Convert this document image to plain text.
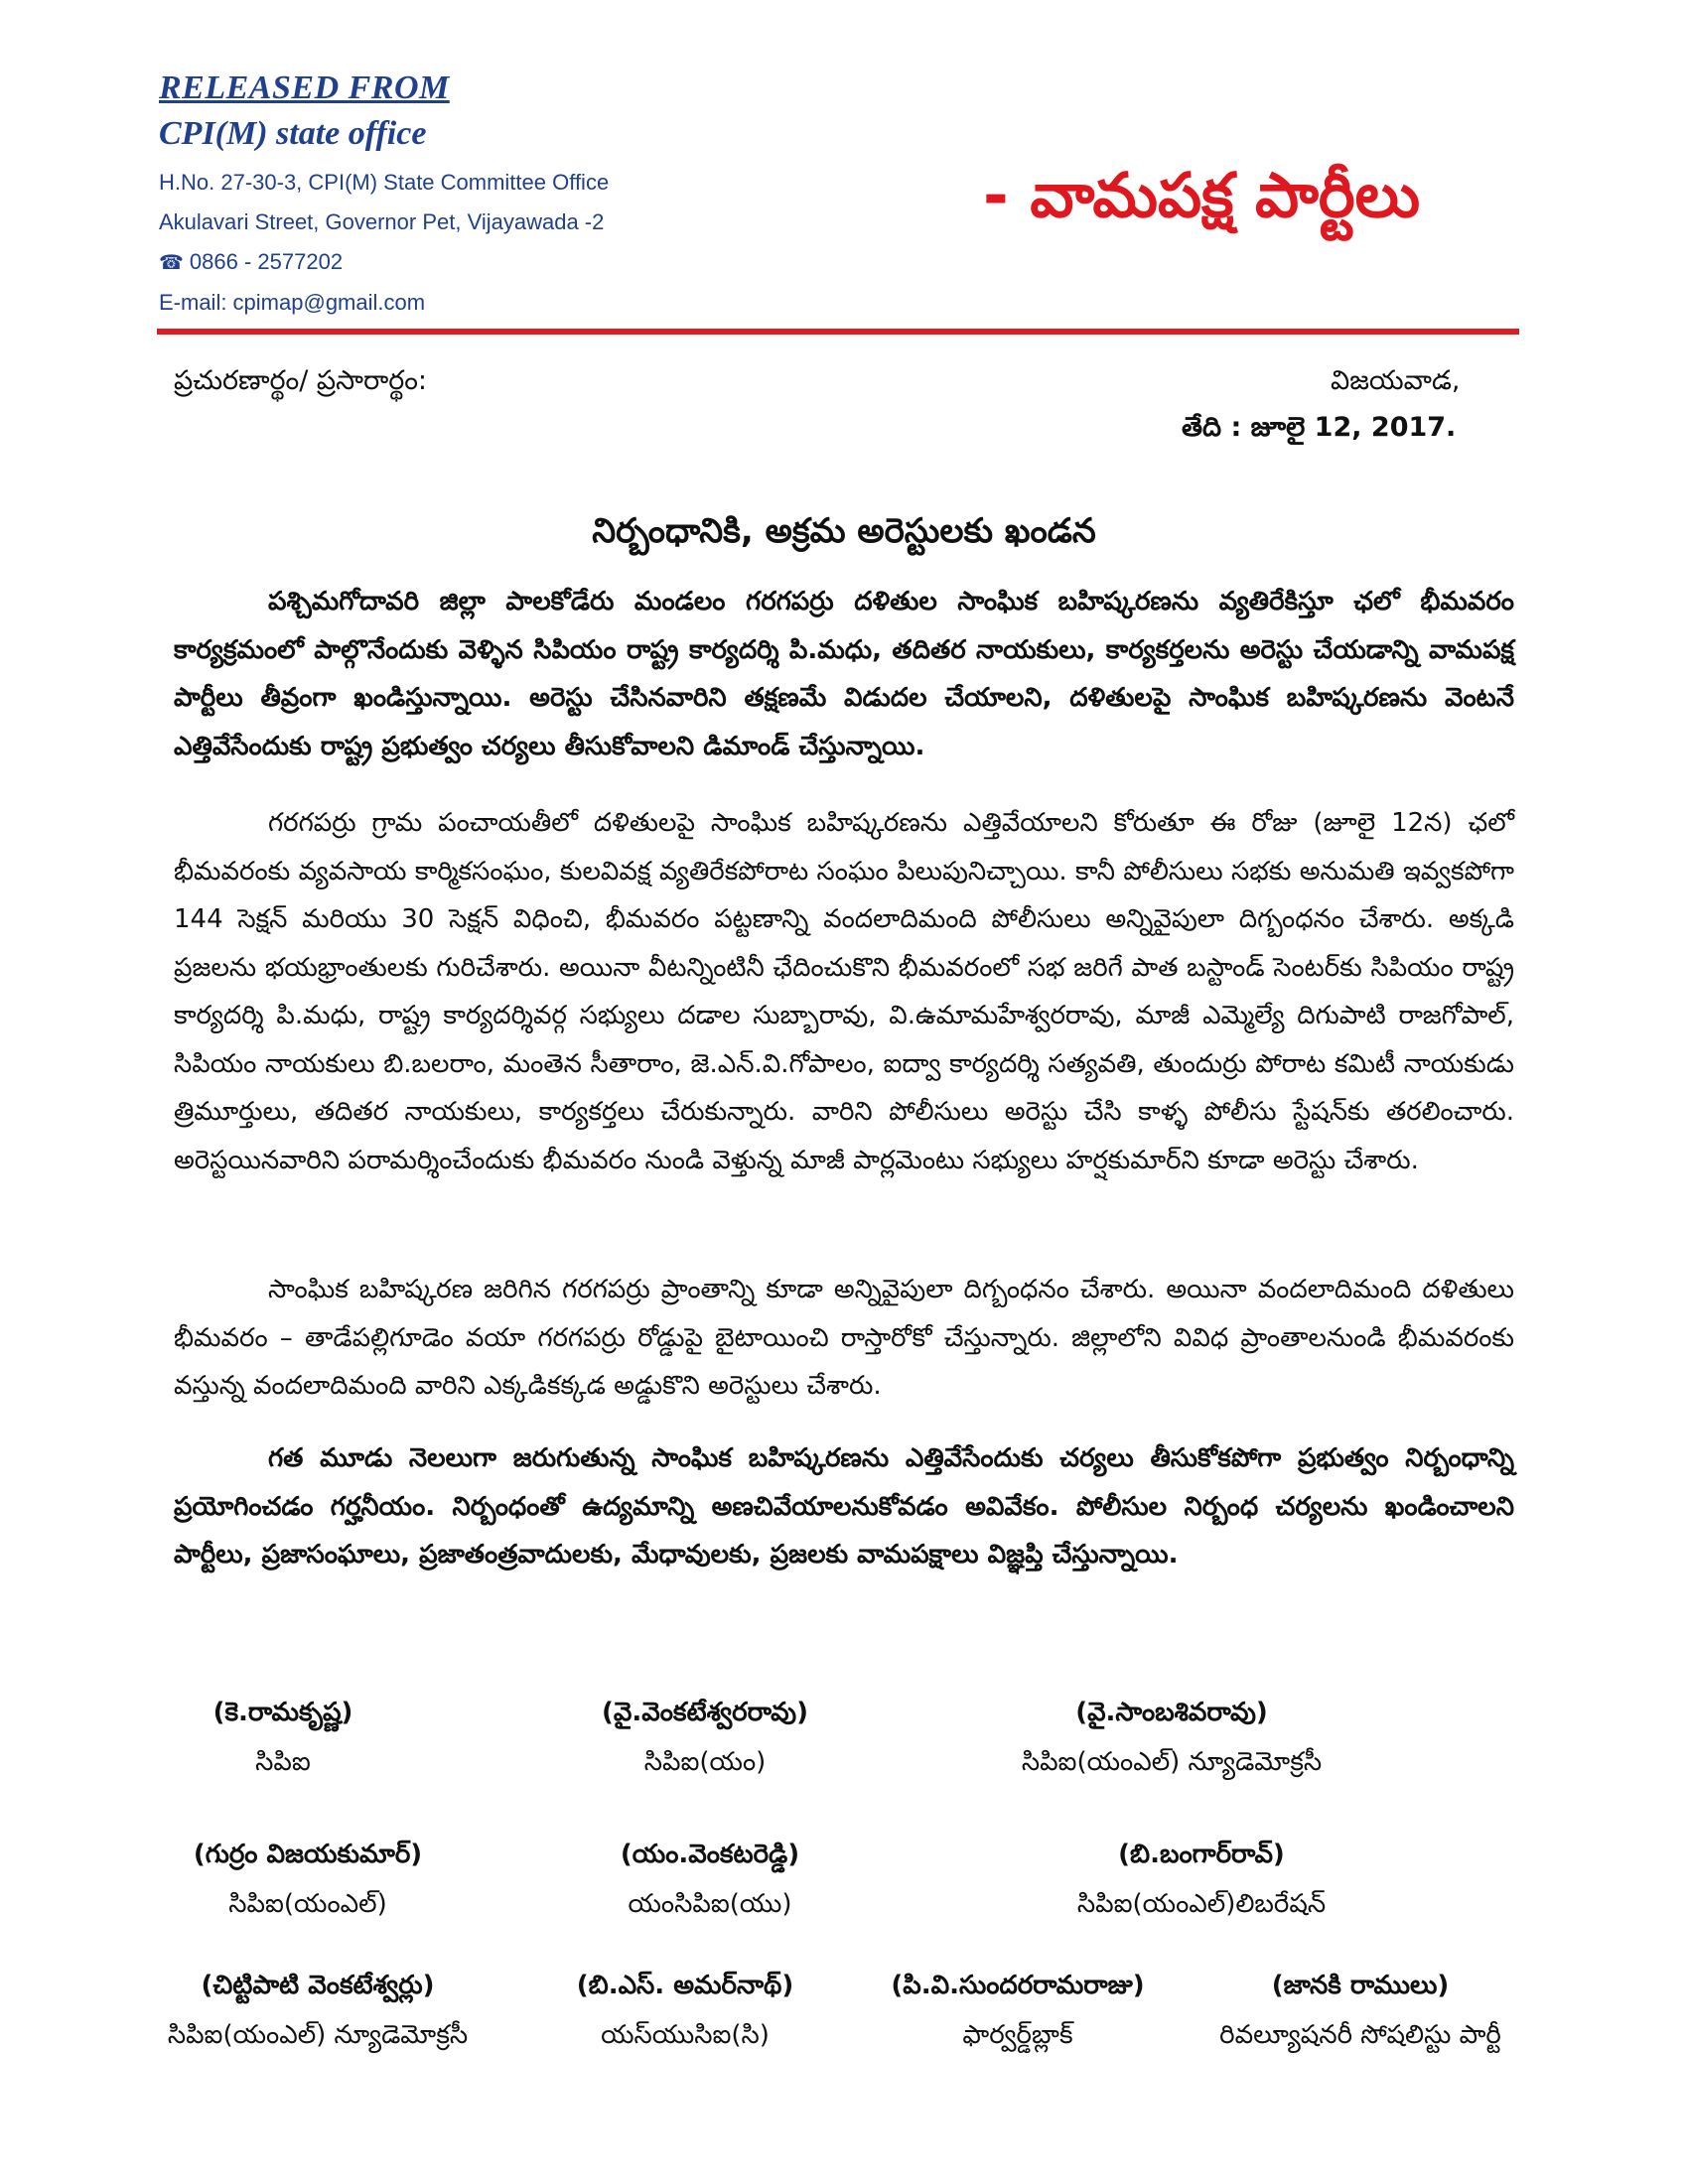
RELEASED FROM
CPI(M) state office
H.No. 27-30-3, CPI(M) State Committee Office
Akulavari Street, Governor Pet, Vijayawada -2
☎ 0866 - 2577202
E-mail: cpimap@gmail.com
- వామపక్ష పార్టీలు
ప్రచురణార్థం/ ప్రసారార్థం:	విజయవాడ,
తేది : జూలై 12, 2017.
నిర్బంధానికి, అక్రమ అరెస్టులకు ఖండన
పశ్చిమగోదావరి జిల్లా పాలకోడేరు మండలం గరగపర్రు దళితుల సాంఘిక బహిష్కరణను వ్యతిరేకిస్తూ ఛలో భీమవరం కార్యక్రమంలో పాల్గొనేందుకు వెళ్ళిన సిపియం రాష్ట్ర కార్యదర్శి పి.మధు, తదితర నాయకులు, కార్యకర్తలను అరెస్టు చేయడాన్ని వామపక్ష పార్టీలు తీవ్రంగా ఖండిస్తున్నాయి. అరెస్టు చేసినవారిని తక్షణమే విడుదల చేయాలని, దళితులపై సాంఘిక బహిష్కరణను వెంటనే ఎత్తివేసేందుకు రాష్ట్ర ప్రభుత్వం చర్యలు తీసుకోవాలని డిమాండ్ చేస్తున్నాయి.
గరగపర్రు గ్రామ పంచాయతీలో దళితులపై సాంఘిక బహిష్కరణను ఎత్తివేయాలని కోరుతూ ఈ రోజు (జూలై 12న) ఛలో భీమవరంకు వ్యవసాయ కార్మికసంఘం, కులవివక్ష వ్యతిరేకపోరాట సంఘం పిలుపునిచ్చాయి. కానీ పోలీసులు సభకు అనుమతి ఇవ్వకపోగా 144 సెక్షన్ మరియు 30 సెక్షన్ విధించి, భీమవరం పట్టణాన్ని వందలాదిమంది పోలీసులు అన్నివైపులా దిగ్బంధనం చేశారు. అక్కడి ప్రజలను భయభ్రాంతులకు గురిచేశారు. అయినా వీటన్నింటినీ ఛేదించుకొని భీమవరంలో సభ జరిగే పాత బస్టాండ్ సెంటర్‌కు సిపియం రాష్ట్ర కార్యదర్శి పి.మధు, రాష్ట్ర కార్యదర్శివర్గ సభ్యులు దడాల సుబ్బారావు, వి.ఉమామహేశ్వరరావు, మాజీ ఎమ్మెల్యే దిగుపాటి రాజగోపాల్, సిపియం నాయకులు బి.బలరాం, మంతెన సీతారాం, జె.ఎన్.వి.గోపాలం, ఐద్వా కార్యదర్శి సత్యవతి, తుందుర్రు పోరాట కమిటీ నాయకుడు త్రిమూర్తులు, తదితర నాయకులు, కార్యకర్తలు చేరుకున్నారు. వారిని పోలీసులు అరెస్టు చేసి కాళ్ళ పోలీసు స్టేషన్‌కు తరలించారు. అరెస్టయినవారిని పరామర్శించేందుకు భీమవరం నుండి వెళ్తున్న మాజీ పార్లమెంటు సభ్యులు హర్షకుమార్‌ని కూడా అరెస్టు చేశారు.
సాంఘిక బహిష్కరణ జరిగిన గరగపర్రు ప్రాంతాన్ని కూడా అన్నివైపులా దిగ్బంధనం చేశారు. అయినా వందలాదిమంది దళితులు భీమవరం – తాడేపల్లిగూడెం వయా గరగపర్రు రోడ్డుపై బైటాయించి రాస్తారోకో చేస్తున్నారు. జిల్లాలోని వివిధ ప్రాంతాలనుండి భీమవరంకు వస్తున్న వందలాదిమంది వారిని ఎక్కడికక్కడ అడ్డుకొని అరెస్టులు చేశారు.
గత మూడు నెలలుగా జరుగుతున్న సాంఘిక బహిష్కరణను ఎత్తివేసేందుకు చర్యలు తీసుకోకపోగా ప్రభుత్వం నిర్బంధాన్ని ప్రయోగించడం గర్హనీయం. నిర్బంధంతో ఉద్యమాన్ని అణచివేయాలనుకోవడం అవివేకం. పోలీసుల నిర్బంధ చర్యలను ఖండించాలని పార్టీలు, ప్రజాసంఘాలు, ప్రజాతంత్రవాదులకు, మేధావులకు, ప్రజలకు వామపక్షాలు విజ్ఞప్తి చేస్తున్నాయి.
(కె.రామకృష్ణ)
సిపిఐ
(వై.వెంకటేశ్వరరావు)
సిపిఐ(యం)
(వై.సాంబశివరావు)
సిపిఐ(యంఎల్) న్యూడెమోక్రసీ
(గుర్రం విజయకుమార్)
సిపిఐ(యంఎల్)
(యం.వెంకటరెడ్డి)
యంసిపిఐ(యు)
(బి.బంగార్‌రావ్)
సిపిఐ(యంఎల్)లిబరేషన్
(చిట్టిపాటి వెంకటేశ్వర్లు)
సిపిఐ(యంఎల్) న్యూడెమోక్రసీ
(బి.ఎస్. అమర్‌నాథ్)
యస్‌యుసిఐ(సి)
(పి.వి.సుందరరామరాజు)
ఫార్వర్డ్‌బ్లాక్
(జానకి రాములు)
రివల్యూషనరీ సోషలిస్టు పార్టీ
